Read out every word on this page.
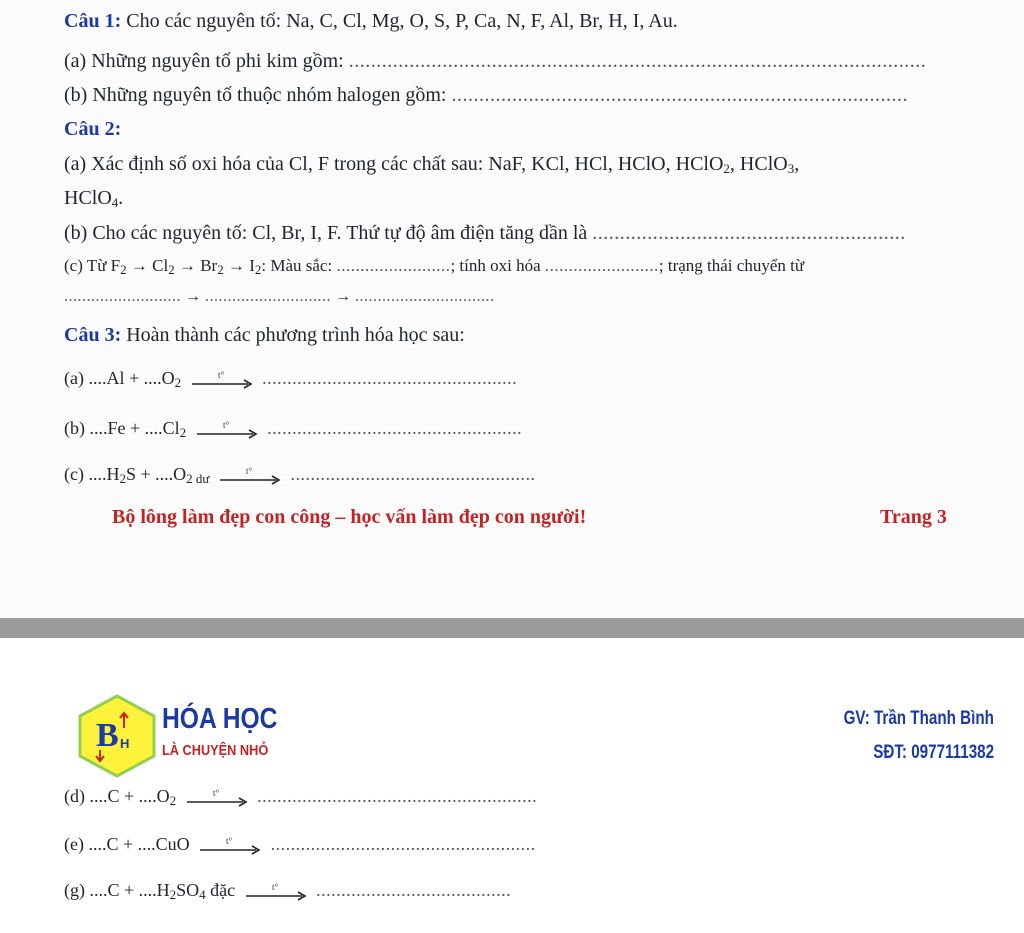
Câu 1: Cho các nguyên tố: Na, C, Cl, Mg, O, S, P, Ca, N, F, Al, Br, H, I, Au.
(a) Những nguyên tố phi kim gồm: .........................................................................................................
(b) Những nguyên tố thuộc nhóm halogen gồm: ...................................................................................
Câu 2:
(a) Xác định số oxi hóa của Cl, F trong các chất sau: NaF, KCl, HCl, HClO, HClO$_2$, HClO$_3$,
HClO$_4$.
(b) Cho các nguyên tố: Cl, Br, I, F. Thứ tự độ âm điện tăng dần là .........................................................
(c) Từ $F_2 \to Cl_2 \to Br_2 \to I_2$: Màu sắc: ........................; tính oxi hóa ........................; trạng thái chuyển từ
.......................... → ............................ → ...............................
Câu 3: Hoàn thành các phương trình hóa học sau:
(a) $....Al + ....O_2$
t° ...................................................
(b) $....Fe + ....Cl_2$
t° ...................................................
(c) $....H_2S + ....O_{2 dư}$
t° .................................................
Bộ lông làm đẹp con công – học vấn làm đẹp con người!	Trang 3
B H
HÓA HỌC
LÀ CHUYỆN NHỎ
GV: Trần Thanh Bình
SĐT: 0977111382
(d) $....C + ....O_2$
t° ........................................................
(e) ....C + ....CuO	t° .....................................................
(g) $....C + ....H_2SO_4$ đặc	t° .......................................
